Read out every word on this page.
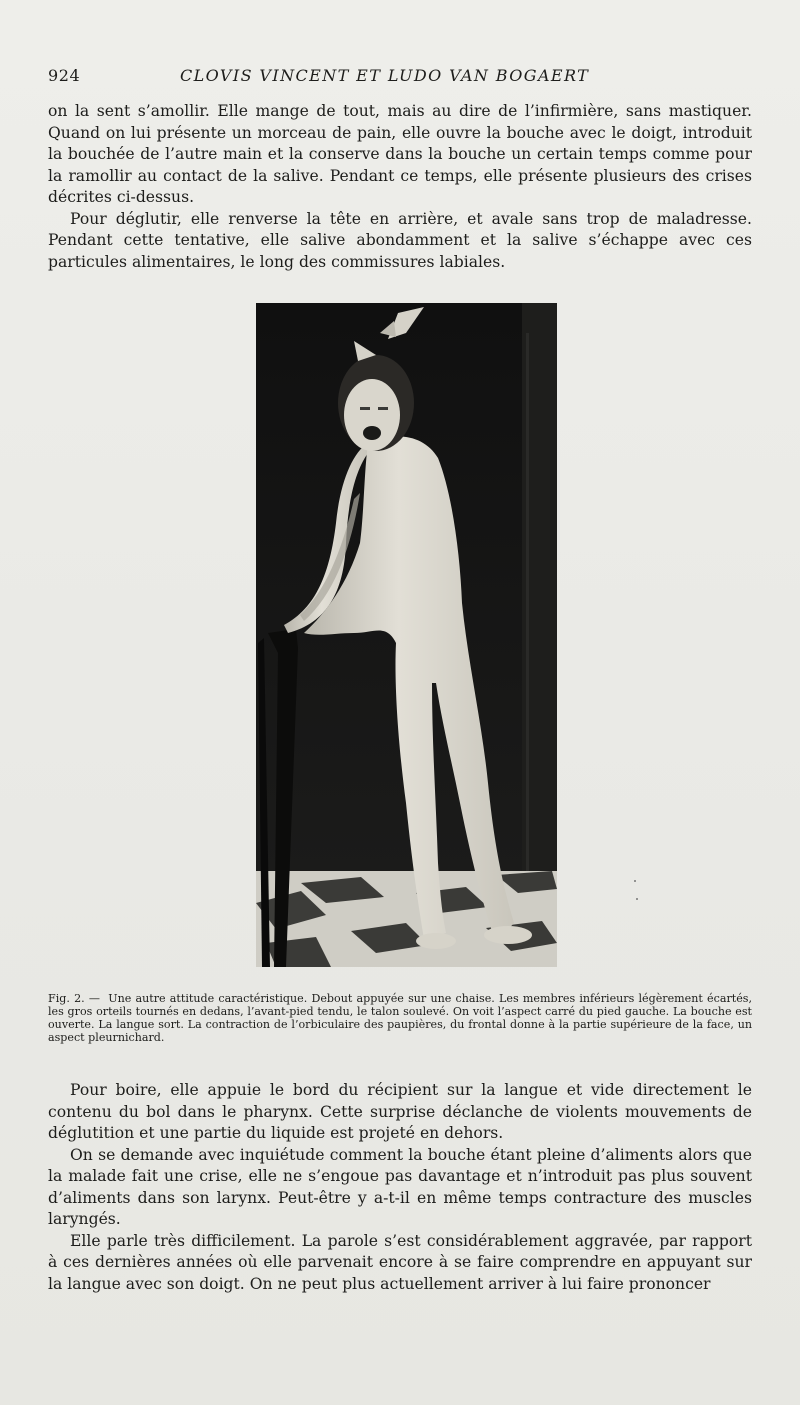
924	CLOVIS VINCENT ET LUDO VAN BOGAERT

on la sent s’amollir. Elle mange de tout, mais au dire de l’infirmière, sans mastiquer. Quand on lui présente un morceau de pain, elle ouvre la bouche avec le doigt, introduit la bouchée de l’autre main et la conserve dans la bouche un certain temps comme pour la ramollir au contact de la salive. Pendant ce temps, elle présente plusieurs des crises décrites ci-dessus.

Pour déglutir, elle renverse la tête en arrière, et avale sans trop de maladresse. Pendant cette tentative, elle salive abondamment et la salive s’échappe avec ces particules alimentaires, le long des commissures labiales.

Fig. 2. — Une autre attitude caractéristique. Debout appuyée sur une chaise. Les membres inférieurs légèrement écartés, les gros orteils tournés en dedans, l’avant-pied tendu, le talon soulevé. On voit l’aspect carré du pied gauche. La bouche est ouverte. La langue sort. La contraction de l’orbiculaire des paupières, du frontal donne à la partie supérieure de la face, un aspect pleurnichard.

Pour boire, elle appuie le bord du récipient sur la langue et vide directement le contenu du bol dans le pharynx. Cette surprise déclanche de violents mouvements de déglutition et une partie du liquide est projeté en dehors.

On se demande avec inquiétude comment la bouche étant pleine d’aliments alors que la malade fait une crise, elle ne s’engoue pas davantage et n’introduit pas plus souvent d’aliments dans son larynx. Peut-être y a-t-il en même temps contracture des muscles laryngés.

Elle parle très difficilement. La parole s’est considérablement aggravée, par rapport à ces dernières années où elle parvenait encore à se faire comprendre en appuyant sur la langue avec son doigt. On ne peut plus actuellement arriver à lui faire prononcer
